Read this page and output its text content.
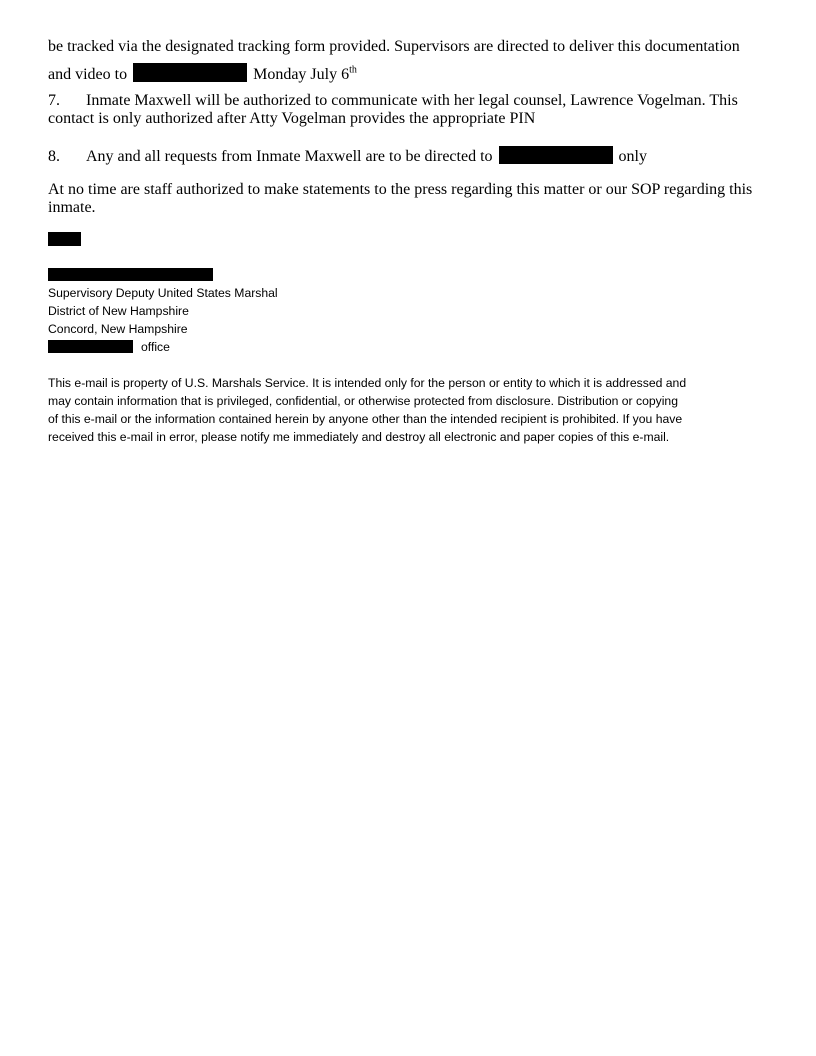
be tracked via the designated tracking form provided. Supervisors are directed to deliver this documentation
and video to	Monday July 6th
7. Inmate Maxwell will be authorized to communicate with her legal counsel, Lawrence Vogelman. This
contact is only authorized after Atty Vogelman provides the appropriate PIN
8. Any and all requests from Inmate Maxwell are to be directed to	only
At no time are staff authorized to make statements to the press regarding this matter or our SOP regarding this
inmate.
Supervisory Deputy United States Marshal
District of New Hampshire
Concord, New Hampshire
office
This e-mail is property of U.S. Marshals Service. It is intended only for the person or entity to which it is addressed and
may contain information that is privileged, confidential, or otherwise protected from disclosure. Distribution or copying
of this e-mail or the information contained herein by anyone other than the intended recipient is prohibited. If you have
received this e-mail in error, please notify me immediately and destroy all electronic and paper copies of this e-mail.
